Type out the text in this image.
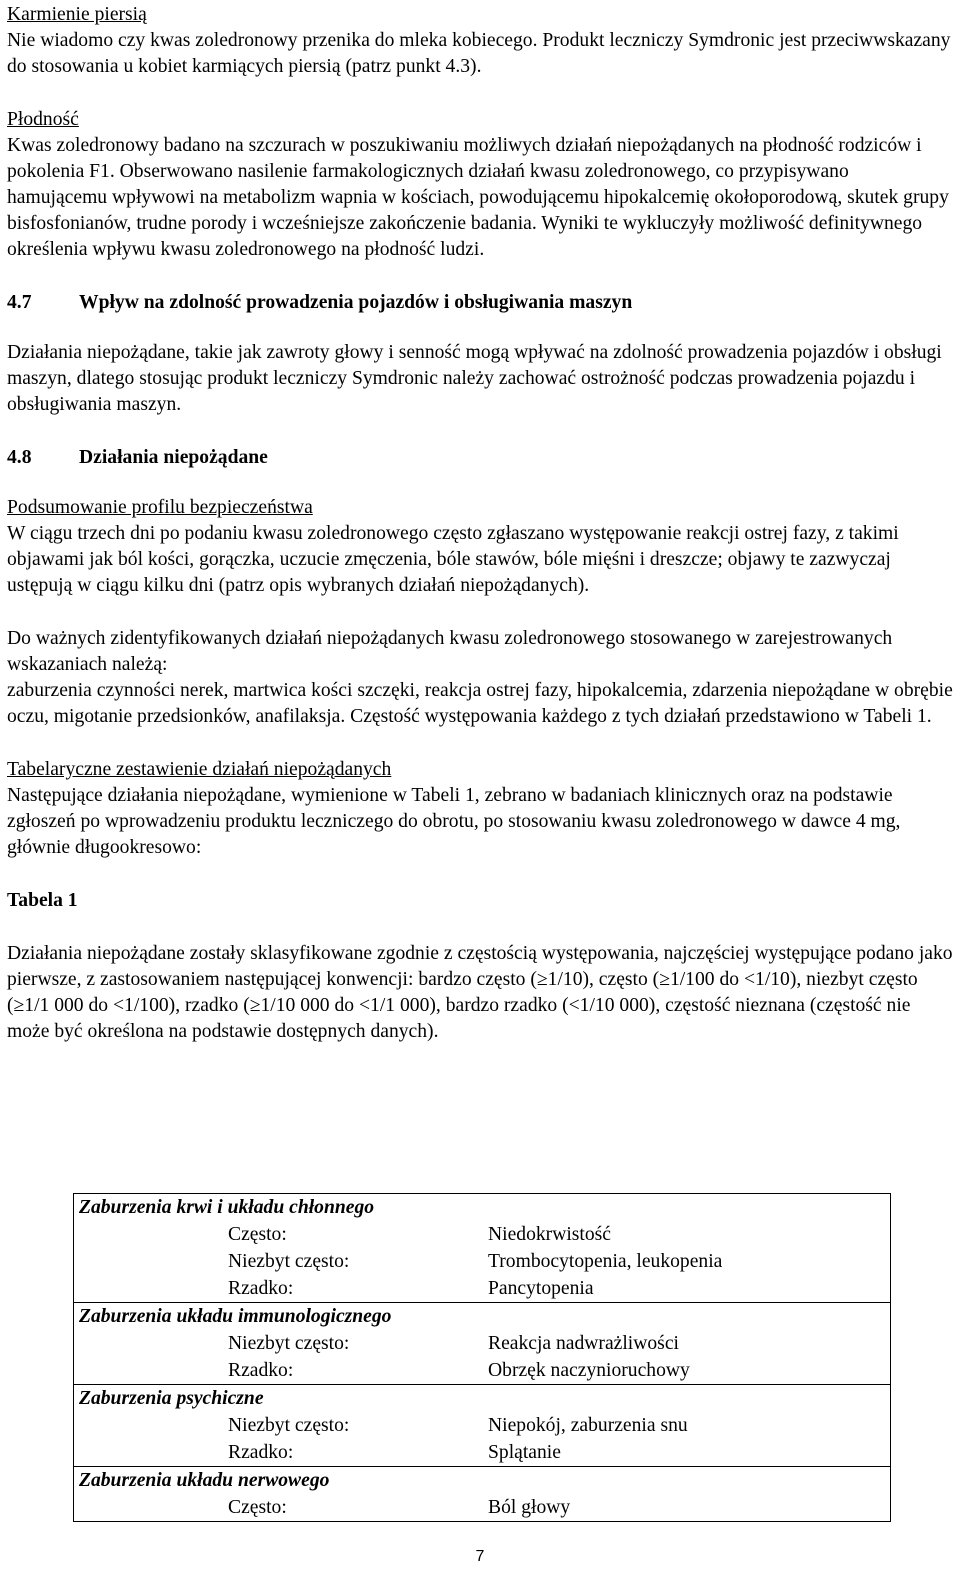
Karmienie piersią

Nie wiadomo czy kwas zoledronowy przenika do mleka kobiecego. Produkt leczniczy Symdronic jest przeciwwskazany do stosowania u kobiet karmiących piersią (patrz punkt 4.3).

Płodność

Kwas zoledronowy badano na szczurach w poszukiwaniu możliwych działań niepożądanych na płodność rodziców i pokolenia F1. Obserwowano nasilenie farmakologicznych działań kwasu zoledronowego, co przypisywano hamującemu wpływowi na metabolizm wapnia w kościach, powodującemu hipokalcemię okołoporodową, skutek grupy bisfosfonianów, trudne porody i wcześniejsze zakończenie badania. Wyniki te wykluczyły możliwość definitywnego określenia wpływu kwasu zoledronowego na płodność ludzi.

4.7	Wpływ na zdolność prowadzenia pojazdów i obsługiwania maszyn

Działania niepożądane, takie jak zawroty głowy i senność mogą wpływać na zdolność prowadzenia pojazdów i obsługi maszyn, dlatego stosując produkt leczniczy Symdronic należy zachować ostrożność podczas prowadzenia pojazdu i obsługiwania maszyn.

4.8	Działania niepożądane

Podsumowanie profilu bezpieczeństwa

W ciągu trzech dni po podaniu kwasu zoledronowego często zgłaszano występowanie reakcji ostrej fazy, z takimi objawami jak ból kości, gorączka, uczucie zmęczenia, bóle stawów, bóle mięśni i dreszcze; objawy te zazwyczaj ustępują w ciągu kilku dni (patrz opis wybranych działań niepożądanych).

Do ważnych zidentyfikowanych działań niepożądanych kwasu zoledronowego stosowanego w zarejestrowanych wskazaniach należą:

zaburzenia czynności nerek, martwica kości szczęki, reakcja ostrej fazy, hipokalcemia, zdarzenia niepożądane w obrębie oczu, migotanie przedsionków, anafilaksja. Częstość występowania każdego z tych działań przedstawiono w Tabeli 1.

Tabelaryczne zestawienie działań niepożądanych

Następujące działania niepożądane, wymienione w Tabeli 1, zebrano w badaniach klinicznych oraz na podstawie zgłoszeń po wprowadzeniu produktu leczniczego do obrotu, po stosowaniu kwasu zoledronowego w dawce 4 mg, głównie długookresowo:

Tabela 1

Działania niepożądane zostały sklasyfikowane zgodnie z częstością występowania, najczęściej występujące podano jako pierwsze, z zastosowaniem następującej konwencji: bardzo często (≥1/10), często (≥1/100 do <1/10), niezbyt często (≥1/1 000 do <1/100), rzadko (≥1/10 000 do <1/1 000), bardzo rzadko (<1/10 000), częstość nieznana (częstość nie może być określona na podstawie dostępnych danych).

Zaburzenia krwi i układu chłonnego	
Często:	Niedokrwistość
Niezbyt często:	Trombocytopenia, leukopenia
Rzadko:	Pancytopenia
Zaburzenia układu immunologicznego	
Niezbyt często:	Reakcja nadwrażliwości
Rzadko:	Obrzęk naczynioruchowy
Zaburzenia psychiczne	
Niezbyt często:	Niepokój, zaburzenia snu
Rzadko:	Splątanie
Zaburzenia układu nerwowego	
Często:	Ból głowy
7
